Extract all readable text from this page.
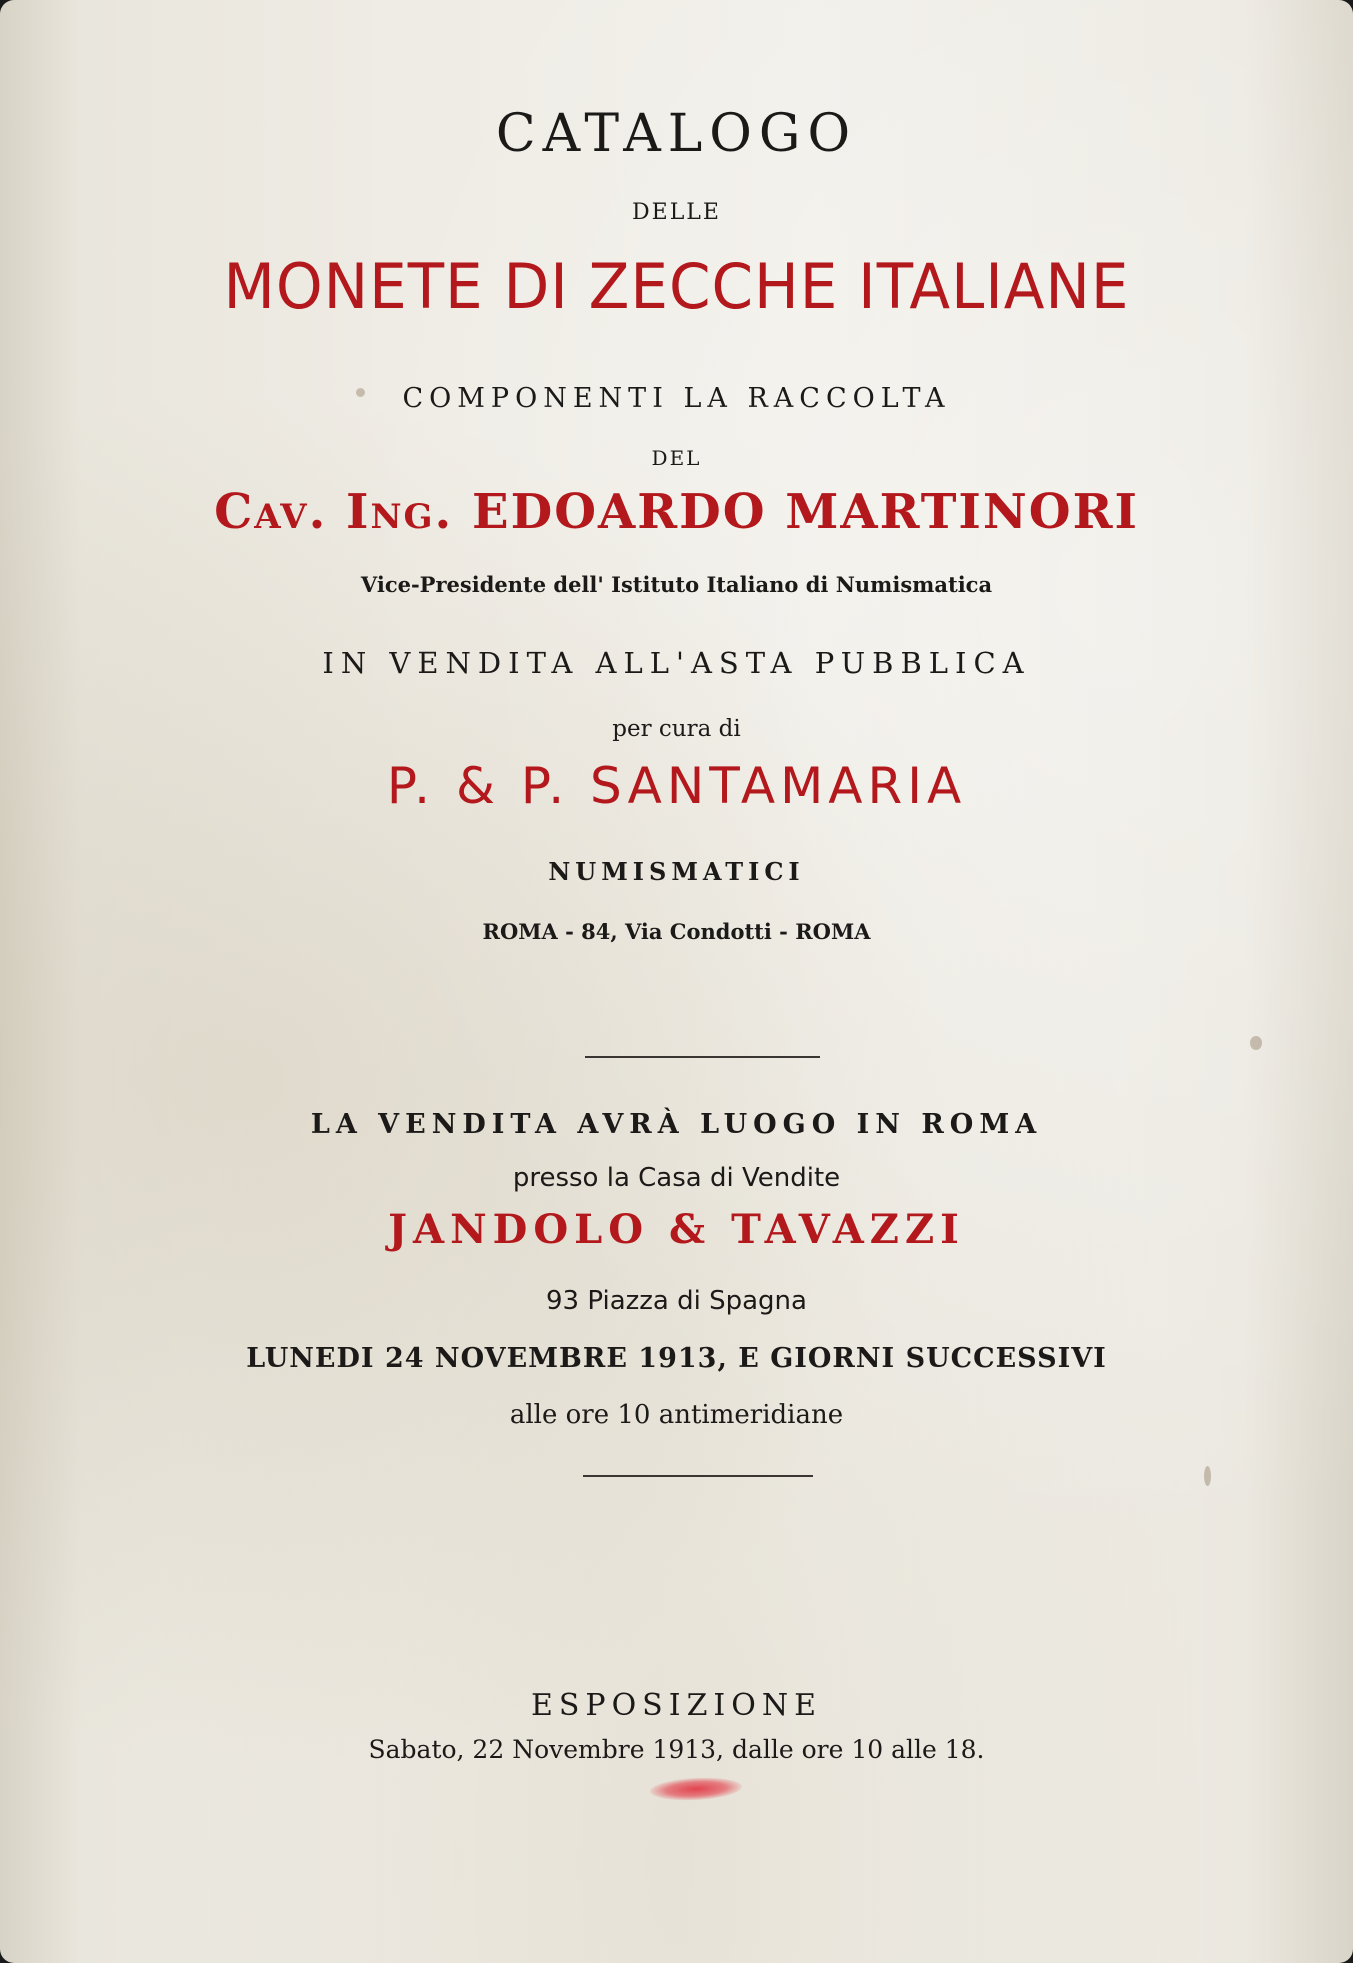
CATALOGO
DELLE
MONETE DI ZECCHE ITALIANE
COMPONENTI LA RACCOLTA
DEL
Cav. Ing. EDOARDO MARTINORI
Vice-Presidente dell' Istituto Italiano di Numismatica
IN VENDITA ALL'ASTA PUBBLICA
per cura di
P. & P. SANTAMARIA
NUMISMATICI
ROMA - 84, Via Condotti - ROMA
LA VENDITA AVRÀ LUOGO IN ROMA
presso la Casa di Vendite
JANDOLO & TAVAZZI
93 Piazza di Spagna
LUNEDI 24 NOVEMBRE 1913, E GIORNI SUCCESSIVI
alle ore 10 antimeridiane
ESPOSIZIONE
Sabato, 22 Novembre 1913, dalle ore 10 alle 18.
